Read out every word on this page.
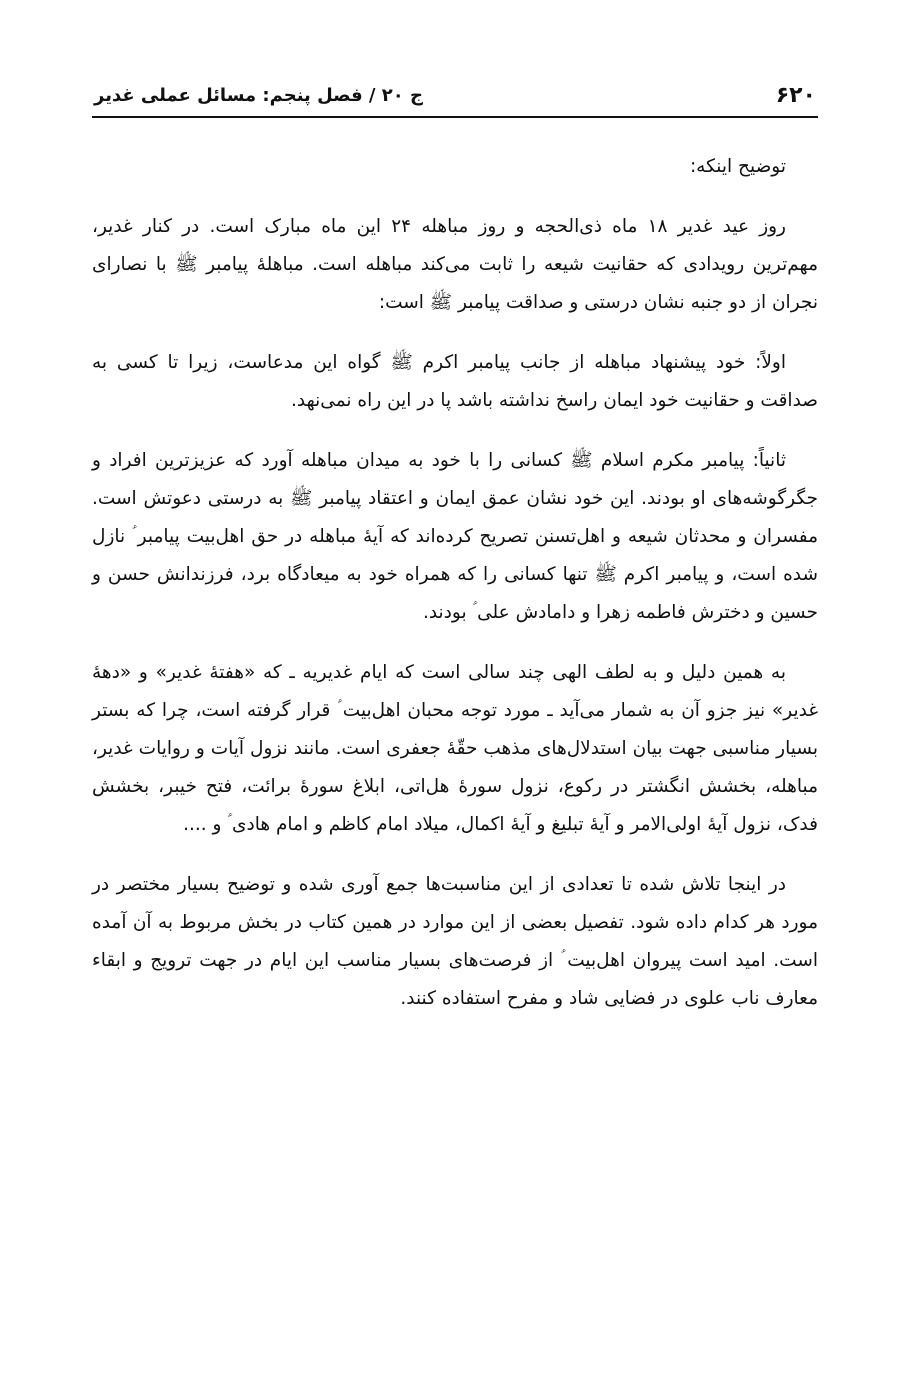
۶۲۰
ج ۲۰ / فصل پنجم: مسائل عملی غدیر

توضیح اینکه:

روز عید غدیر ۱۸ ماه ذی‌الحجه و روز مباهله ۲۴ این ماه مبارک است. در کنار غدیر، مهم‌ترین رویدادی که حقانیت شیعه را ثابت می‌کند مباهله است. مباهلهٔ پیامبر ﷺ با نصارای نجران از دو جنبه نشان درستی و صداقت پیامبر ﷺ است:

اولاً: خود پیشنهاد مباهله از جانب پیامبر اکرم ﷺ گواه این مدعاست، زیرا تا کسی به صداقت و حقانیت خود ایمان راسخ نداشته باشد پا در این راه نمی‌نهد.

ثانیاً: پیامبر مکرم اسلام ﷺ کسانی را با خود به میدان مباهله آورد که عزیزترین افراد و جگرگوشه‌های او بودند. این خود نشان عمق ایمان و اعتقاد پیامبر ﷺ به درستی دعوتش است. مفسران و محدثان شیعه و اهل‌تسنن تصریح کرده‌اند که آیهٔ مباهله در حق اهل‌بیت پیامبر ؑ نازل شده است، و پیامبر اکرم ﷺ تنها کسانی را که همراه خود به میعادگاه برد، فرزندانش حسن و حسین و دخترش فاطمه زهرا و دامادش علی ؑ بودند.

به همین دلیل و به لطف الهی چند سالی است که ایام غدیریه ـ که «هفتهٔ غدیر» و «دههٔ غدیر» نیز جزو آن به شمار می‌آید ـ مورد توجه محبان اهل‌بیت ؑ قرار گرفته است، چرا که بستر بسیار مناسبی جهت بیان استدلال‌های مذهب حقّهٔ جعفری است. مانند نزول آیات و روایات غدیر، مباهله، بخشش انگشتر در رکوع، نزول سورهٔ هل‌اتی، ابلاغ سورهٔ برائت، فتح خیبر، بخشش فدک، نزول آیهٔ اولی‌الامر و آیهٔ تبلیغ و آیهٔ اکمال، میلاد امام کاظم و امام هادی ؑ و ....

در اینجا تلاش شده تا تعدادی از این مناسبت‌ها جمع آوری شده و توضیح بسیار مختصر در مورد هر کدام داده شود. تفصیل بعضی از این موارد در همین کتاب در بخش مربوط به آن آمده است. امید است پیروان اهل‌بیت ؑ از فرصت‌های بسیار مناسب این ایام در جهت ترویج و ابقاء معارف ناب علوی در فضایی شاد و مفرح استفاده کنند.
